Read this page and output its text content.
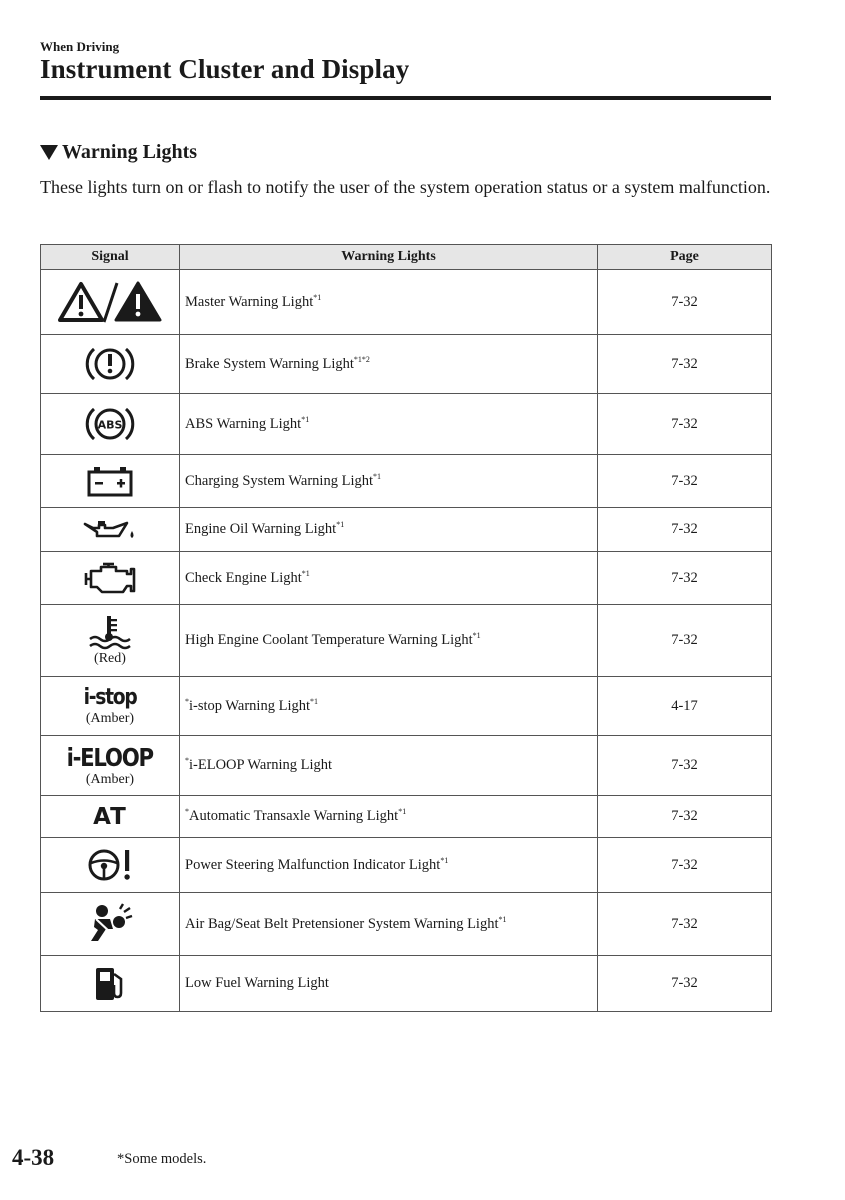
When Driving
Instrument Cluster and Display
Warning Lights
These lights turn on or flash to notify the user of the system operation status or a system malfunction.
Signal	Warning Lights	Page

	Master Warning Light$^{*1}$	7-32

	Brake System Warning Light$^{*1*2}$	7-32

ABS	ABS Warning Light$^{*1}$	7-32

	Charging System Warning Light$^{*1}$	7-32

	Engine Oil Warning Light$^{*1}$	7-32

	Check Engine Light$^{*1}$	7-32

(Red)	High Engine Coolant Temperature Warning Light$^{*1}$	7-32

i-stop
(Amber)	*i-stop Warning Light$^{*1}$	4-17

i-ELOOP
(Amber)	*i-ELOOP Warning Light	7-32

AT	*Automatic Transaxle Warning Light$^{*1}$	7-32

	Power Steering Malfunction Indicator Light$^{*1}$	7-32

	Air Bag/Seat Belt Pretensioner System Warning Light$^{*1}$	7-32

	Low Fuel Warning Light	7-32
4-38	*Some models.
